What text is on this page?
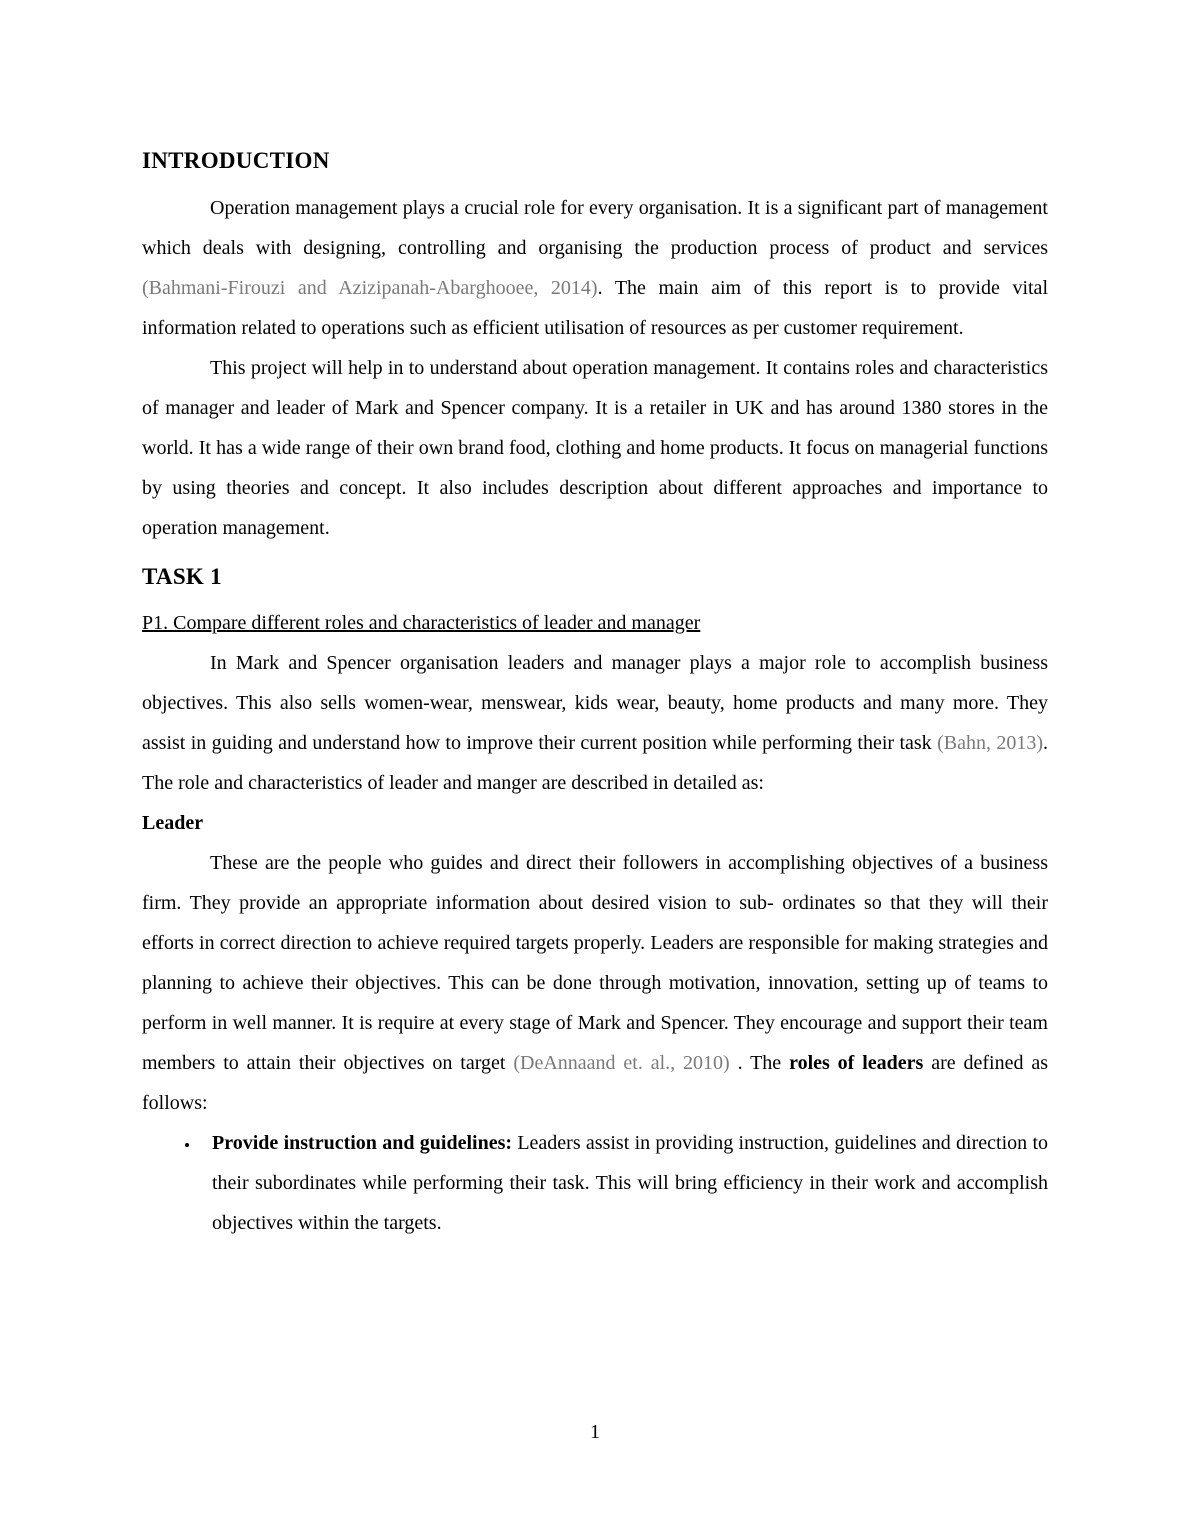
INTRODUCTION

Operation management plays a crucial role for every organisation. It is a significant part of management which deals with designing, controlling and organising the production process of product and services (Bahmani-Firouzi and Azizipanah-Abarghooee, 2014). The main aim of this report is to provide vital information related to operations such as efficient utilisation of resources as per customer requirement.

This project will help in to understand about operation management. It contains roles and characteristics of manager and leader of Mark and Spencer company. It is a retailer in UK and has around 1380 stores in the world. It has a wide range of their own brand food, clothing and home products. It focus on managerial functions by using theories and concept. It also includes description about different approaches and importance to operation management.

TASK 1
P1. Compare different roles and characteristics of leader and manager

In Mark and Spencer organisation leaders and manager plays a major role to accomplish business objectives. This also sells women-wear, menswear, kids wear, beauty, home products and many more. They assist in guiding and understand how to improve their current position while performing their task (Bahn, 2013). The role and characteristics of leader and manger are described in detailed as:

Leader

These are the people who guides and direct their followers in accomplishing objectives of a business firm. They provide an appropriate information about desired vision to sub- ordinates so that they will their efforts in correct direction to achieve required targets properly. Leaders are responsible for making strategies and planning to achieve their objectives. This can be done through motivation, innovation, setting up of teams to perform in well manner. It is require at every stage of Mark and Spencer. They encourage and support their team members to attain their objectives on target (DeAnnaand et. al., 2010) . The roles of leaders are defined as follows:

• Provide instruction and guidelines: Leaders assist in providing instruction, guidelines and direction to their subordinates while performing their task. This will bring efficiency in their work and accomplish objectives within the targets.
1
